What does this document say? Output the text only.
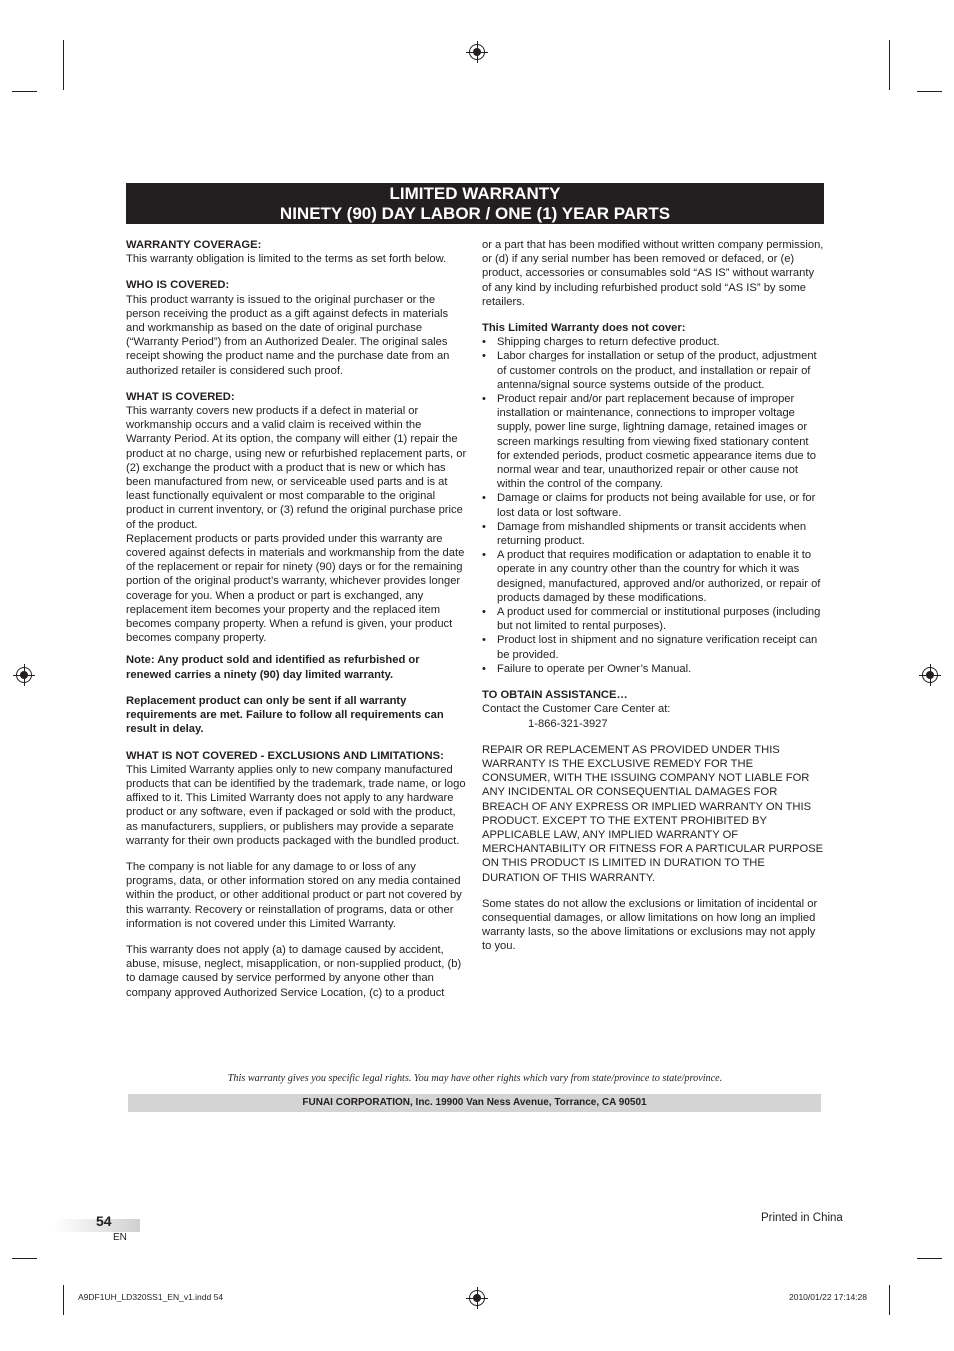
LIMITED WARRANTY
NINETY (90) DAY LABOR / ONE (1) YEAR PARTS

WARRANTY COVERAGE:

This warranty obligation is limited to the terms as set forth below.

WHO IS COVERED:

This product warranty is issued to the original purchaser or the person receiving the product as a gift against defects in materials and workmanship as based on the date of original purchase (“Warranty Period”) from an Authorized Dealer. The original sales receipt showing the product name and the purchase date from an authorized retailer is considered such proof.

WHAT IS COVERED:

This warranty covers new products if a defect in material or workmanship occurs and a valid claim is received within the Warranty Period. At its option, the company will either (1) repair the product at no charge, using new or refurbished replacement parts, or (2) exchange the product with a product that is new or which has been manufactured from new, or serviceable used parts and is at least functionally equivalent or most comparable to the original product in current inventory, or (3) refund the original purchase price of the product.

Replacement products or parts provided under this warranty are covered against defects in materials and workmanship from the date of the replacement or repair for ninety (90) days or for the remaining portion of the original product’s warranty, whichever provides longer coverage for you. When a product or part is exchanged, any replacement item becomes your property and the replaced item becomes company property. When a refund is given, your product becomes company property.

Note: Any product sold and identified as refurbished or renewed carries a ninety (90) day limited warranty.

Replacement product can only be sent if all warranty requirements are met. Failure to follow all requirements can result in delay.

WHAT IS NOT COVERED - EXCLUSIONS AND LIMITATIONS:

This Limited Warranty applies only to new company manufactured products that can be identified by the trademark, trade name, or logo affixed to it. This Limited Warranty does not apply to any hardware product or any software, even if packaged or sold with the product, as manufacturers, suppliers, or publishers may provide a separate warranty for their own products packaged with the bundled product.

The company is not liable for any damage to or loss of any programs, data, or other information stored on any media contained within the product, or other additional product or part not covered by this warranty. Recovery or reinstallation of programs, data or other information is not covered under this Limited Warranty.

This warranty does not apply (a) to damage caused by accident, abuse, misuse, neglect, misapplication, or non-supplied product, (b) to damage caused by service performed by anyone other than company approved Authorized Service Location, (c) to a product

or a part that has been modified without written company permission, or (d) if any serial number has been removed or defaced, or (e) product, accessories or consumables sold “AS IS” without warranty of any kind by including refurbished product sold “AS IS” by some retailers.

This Limited Warranty does not cover:

• Shipping charges to return defective product.
• Labor charges for installation or setup of the product, adjustment of customer controls on the product, and installation or repair of antenna/signal source systems outside of the product.
• Product repair and/or part replacement because of improper installation or maintenance, connections to improper voltage supply, power line surge, lightning damage, retained images or screen markings resulting from viewing fixed stationary content for extended periods, product cosmetic appearance items due to normal wear and tear, unauthorized repair or other cause not within the control of the company.
• Damage or claims for products not being available for use, or for lost data or lost software.
• Damage from mishandled shipments or transit accidents when returning product.
• A product that requires modification or adaptation to enable it to operate in any country other than the country for which it was designed, manufactured, approved and/or authorized, or repair of products damaged by these modifications.
• A product used for commercial or institutional purposes (including but not limited to rental purposes).
• Product lost in shipment and no signature verification receipt can be provided.
• Failure to operate per Owner’s Manual.

TO OBTAIN ASSISTANCE…

Contact the Customer Care Center at:

1-866-321-3927

REPAIR OR REPLACEMENT AS PROVIDED UNDER THIS WARRANTY IS THE EXCLUSIVE REMEDY FOR THE CONSUMER, WITH THE ISSUING COMPANY NOT LIABLE FOR ANY INCIDENTAL OR CONSEQUENTIAL DAMAGES FOR BREACH OF ANY EXPRESS OR IMPLIED WARRANTY ON THIS PRODUCT. EXCEPT TO THE EXTENT PROHIBITED BY APPLICABLE LAW, ANY IMPLIED WARRANTY OF MERCHANTABILITY OR FITNESS FOR A PARTICULAR PURPOSE ON THIS PRODUCT IS LIMITED IN DURATION TO THE DURATION OF THIS WARRANTY.

Some states do not allow the exclusions or limitation of incidental or consequential damages, or allow limitations on how long an implied warranty lasts, so the above limitations or exclusions may not apply to you.

This warranty gives you specific legal rights. You may have other rights which vary from state/province to state/province.
FUNAI CORPORATION, Inc. 19900 Van Ness Avenue, Torrance, CA 90501
54
EN
Printed in China
A9DF1UH_LD320SS1_EN_v1.indd 54	2010/01/22 17:14:28
